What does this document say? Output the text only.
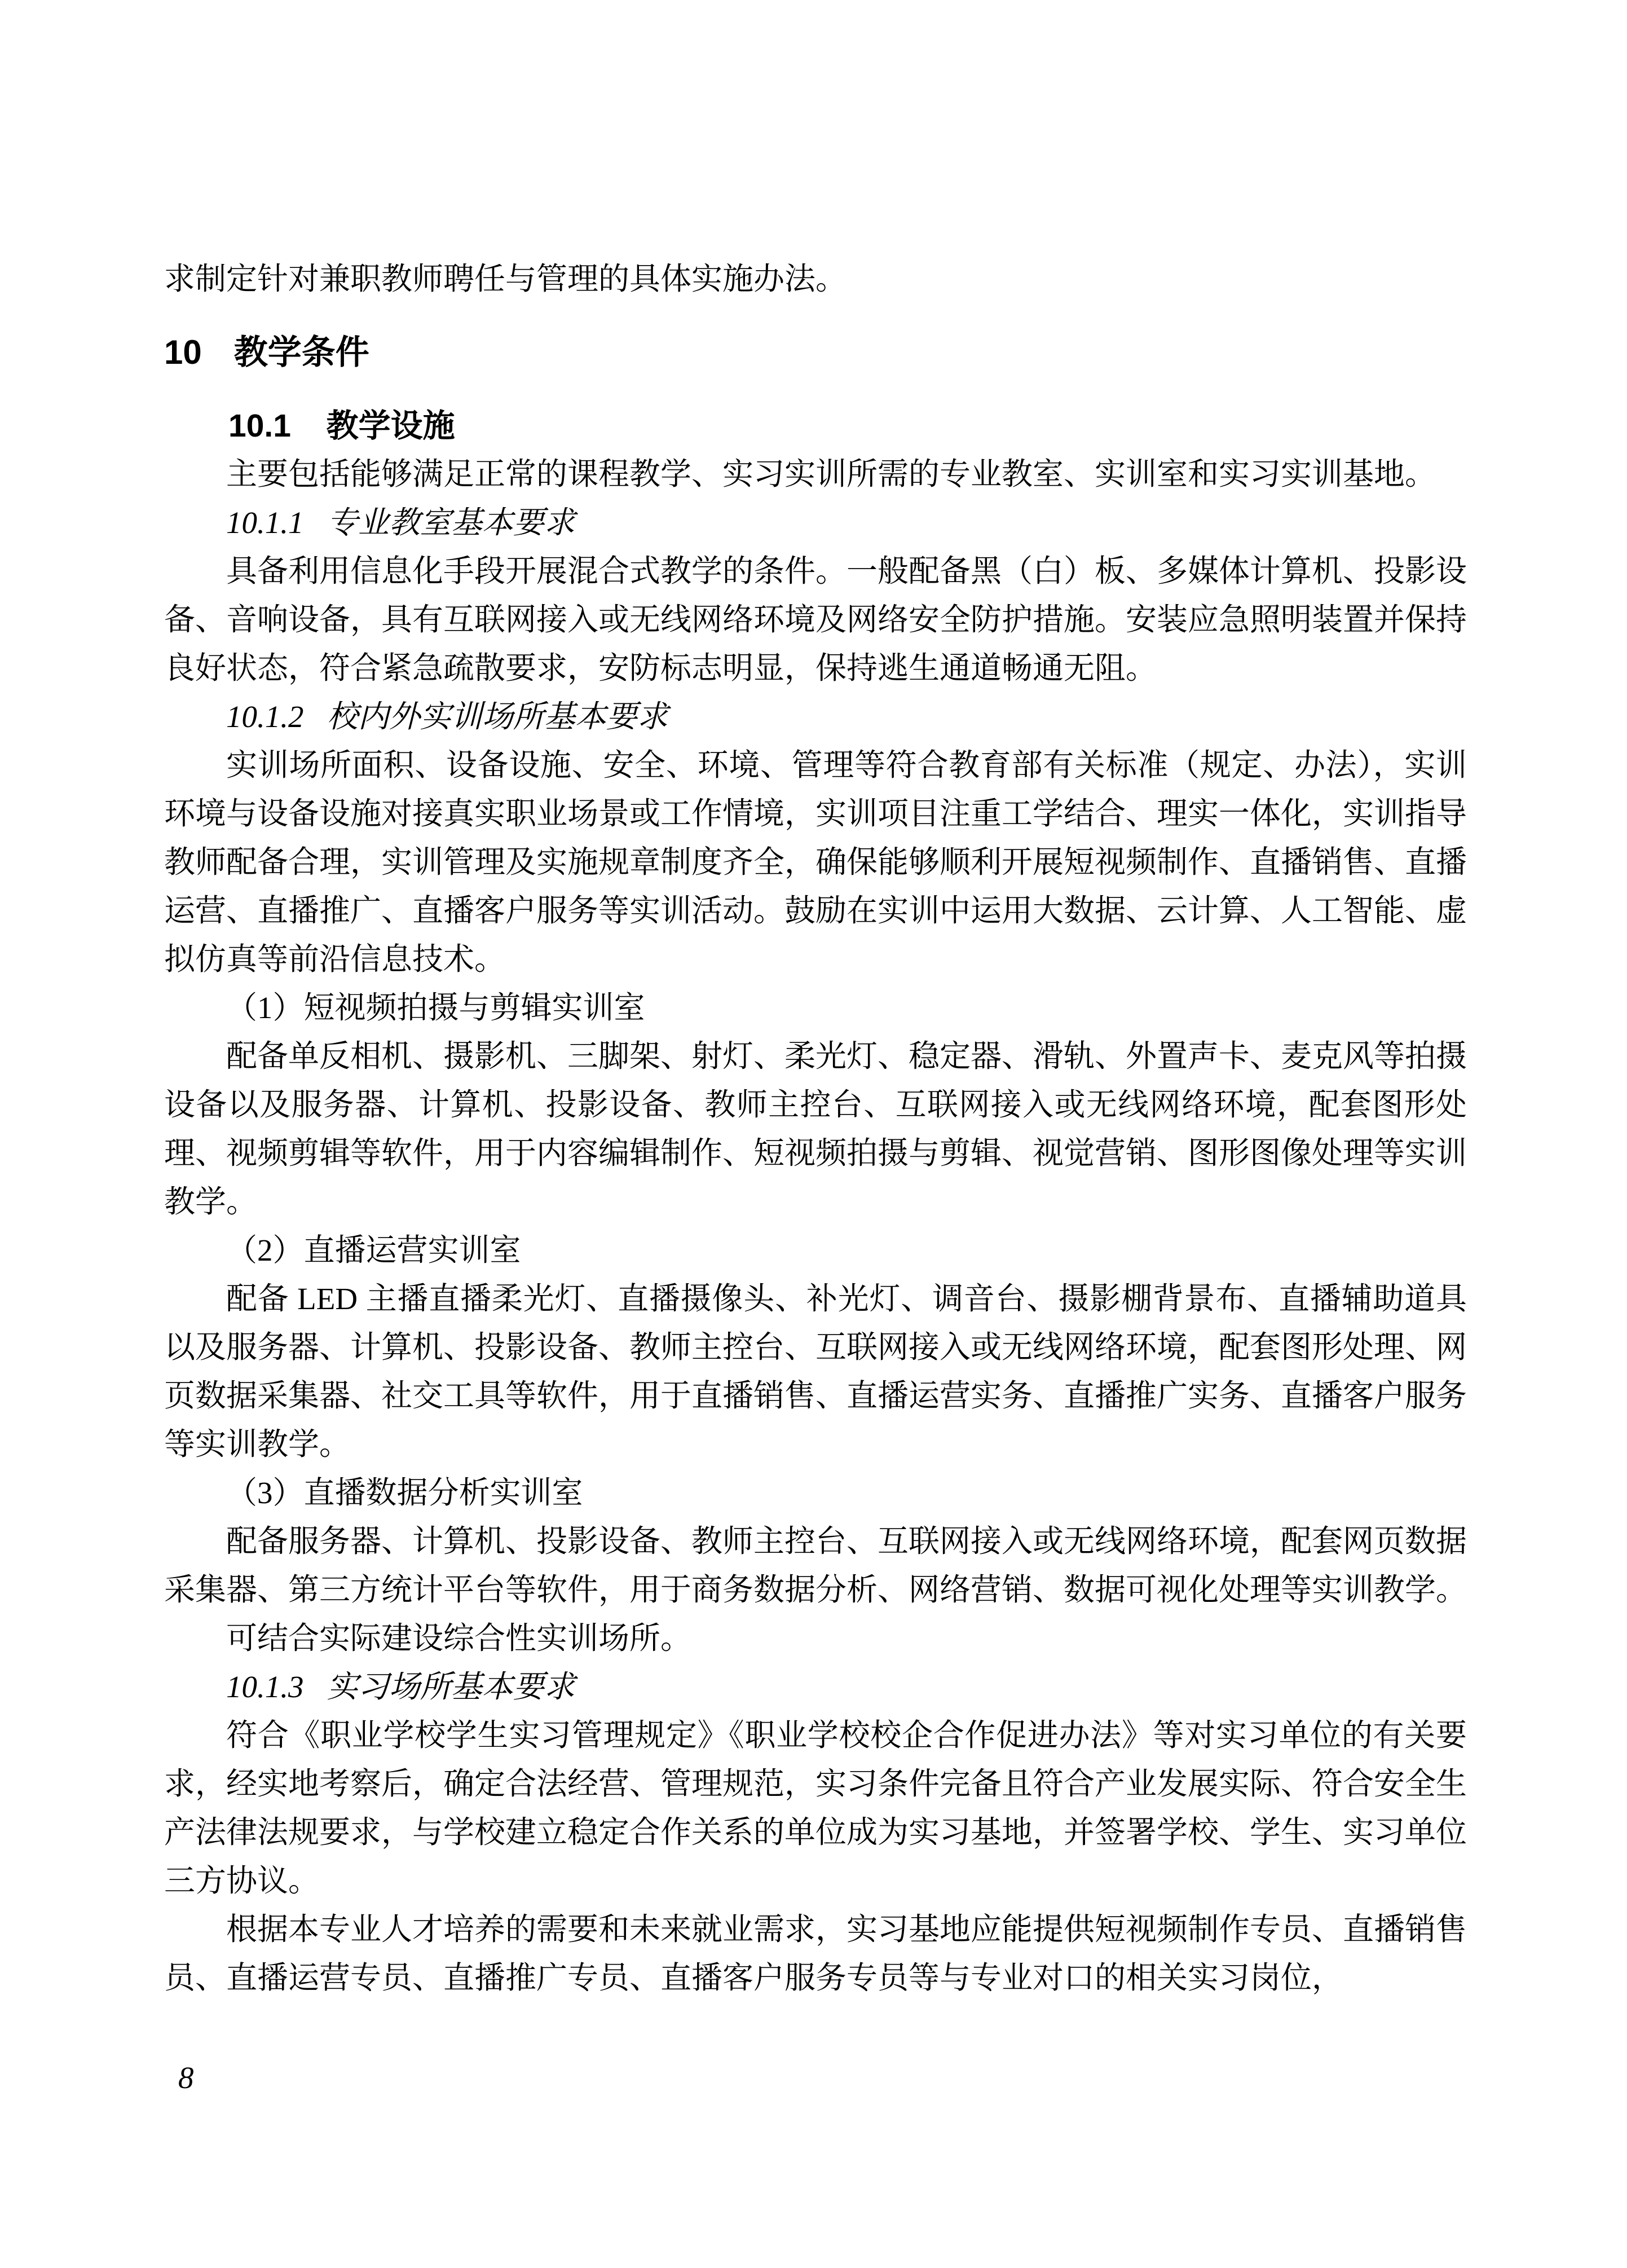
求制定针对兼职教师聘任与管理的具体实施办法。

10 教学条件

10.1 教学设施

主要包括能够满足正常的课程教学、实习实训所需的专业教室、实训室和实习实训基地。

10.1.1 专业教室基本要求

具备利用信息化手段开展混合式教学的条件。一般配备黑（白）板、多媒体计算机、投影设备、音响设备，具有互联网接入或无线网络环境及网络安全防护措施。安装应急照明装置并保持良好状态，符合紧急疏散要求，安防标志明显，保持逃生通道畅通无阻。

10.1.2 校内外实训场所基本要求

实训场所面积、设备设施、安全、环境、管理等符合教育部有关标准（规定、办法），实训环境与设备设施对接真实职业场景或工作情境，实训项目注重工学结合、理实一体化，实训指导教师配备合理，实训管理及实施规章制度齐全，确保能够顺利开展短视频制作、直播销售、直播运营、直播推广、直播客户服务等实训活动。鼓励在实训中运用大数据、云计算、人工智能、虚拟仿真等前沿信息技术。

（1）短视频拍摄与剪辑实训室

配备单反相机、摄影机、三脚架、射灯、柔光灯、稳定器、滑轨、外置声卡、麦克风等拍摄设备以及服务器、计算机、投影设备、教师主控台、互联网接入或无线网络环境，配套图形处理、视频剪辑等软件，用于内容编辑制作、短视频拍摄与剪辑、视觉营销、图形图像处理等实训教学。

（2）直播运营实训室

配备 LED 主播直播柔光灯、直播摄像头、补光灯、调音台、摄影棚背景布、直播辅助道具以及服务器、计算机、投影设备、教师主控台、互联网接入或无线网络环境，配套图形处理、网页数据采集器、社交工具等软件，用于直播销售、直播运营实务、直播推广实务、直播客户服务等实训教学。

（3）直播数据分析实训室

配备服务器、计算机、投影设备、教师主控台、互联网接入或无线网络环境，配套网页数据采集器、第三方统计平台等软件，用于商务数据分析、网络营销、数据可视化处理等实训教学。

可结合实际建设综合性实训场所。

10.1.3 实习场所基本要求

符合《职业学校学生实习管理规定》《职业学校校企合作促进办法》等对实习单位的有关要求，经实地考察后，确定合法经营、管理规范，实习条件完备且符合产业发展实际、符合安全生产法律法规要求，与学校建立稳定合作关系的单位成为实习基地，并签署学校、学生、实习单位三方协议。

根据本专业人才培养的需要和未来就业需求，实习基地应能提供短视频制作专员、直播销售员、直播运营专员、直播推广专员、直播客户服务专员等与专业对口的相关实习岗位，

8
